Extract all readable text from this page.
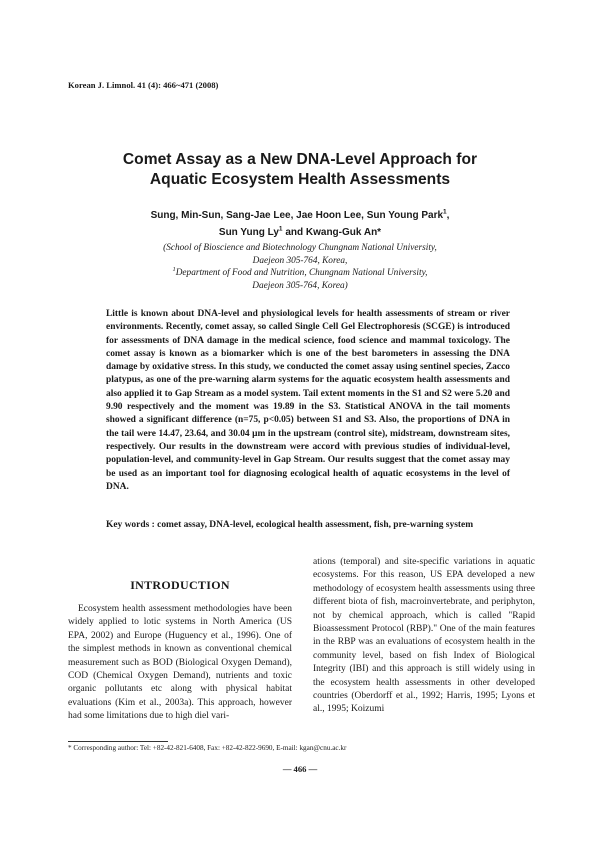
Korean J. Limnol. 41 (4): 466~471 (2008)
Comet Assay as a New DNA-Level Approach for
Aquatic Ecosystem Health Assessments
Sung, Min-Sun, Sang-Jae Lee, Jae Hoon Lee, Sun Young Park$^1$,
Sun Yung Ly$^1$ and Kwang-Guk An*
(School of Bioscience and Biotechnology Chungnam National University,
Daejeon 305-764, Korea,
$^1$Department of Food and Nutrition, Chungnam National University,
Daejeon 305-764, Korea)
Little is known about DNA-level and physiological levels for health assessments of stream or river environments. Recently, comet assay, so called Single Cell Gel Electrophoresis (SCGE) is introduced for assessments of DNA damage in the medical science, food science and mammal toxicology. The comet assay is known as a biomarker which is one of the best barometers in assessing the DNA damage by oxidative stress. In this study, we conducted the comet assay using sentinel species, Zacco platypus, as one of the pre-warning alarm systems for the aquatic ecosystem health assessments and also applied it to Gap Stream as a model system. Tail extent moments in the S1 and S2 were 5.20 and 9.90 respectively and the moment was 19.89 in the S3. Statistical ANOVA in the tail moments showed a significant difference (n=75, p<0.05) between S1 and S3. Also, the proportions of DNA in the tail were 14.47, 23.64, and 30.04 μm in the upstream (control site), midstream, downstream sites, respectively. Our results in the downstream were accord with previous studies of individual-level, population-level, and community-level in Gap Stream. Our results suggest that the comet assay may be used as an important tool for diagnosing ecological health of aquatic ecosystems in the level of DNA.
Key words : comet assay, DNA-level, ecological health assessment, fish, pre-warning system
INTRODUCTION

Ecosystem health assessment methodologies have been widely applied to lotic systems in North America (US EPA, 2002) and Europe (Huguency et al., 1996). One of the simplest methods in known as conventional chemical measurement such as BOD (Biological Oxygen Demand), COD (Chemical Oxygen Demand), nutrients and toxic organic pollutants etc along with physical habitat evaluations (Kim et al., 2003a). This approach, however had some limitations due to high diel vari-

ations (temporal) and site-specific variations in aquatic ecosystems. For this reason, US EPA developed a new methodology of ecosystem health assessments using three different biota of fish, macroinvertebrate, and periphyton, not by chemical approach, which is called "Rapid Bioassessment Protocol (RBP)." One of the main features in the RBP was an evaluations of ecosystem health in the community level, based on fish Index of Biological Integrity (IBI) and this approach is still widely using in the ecosystem health assessments in other developed countries (Oberdorff et al., 1992; Harris, 1995; Lyons et al., 1995; Koizumi

* Corresponding author: Tel: +82-42-821-6408, Fax: +82-42-822-9690, E-mail: kgan@cnu.ac.kr
— 466 —
